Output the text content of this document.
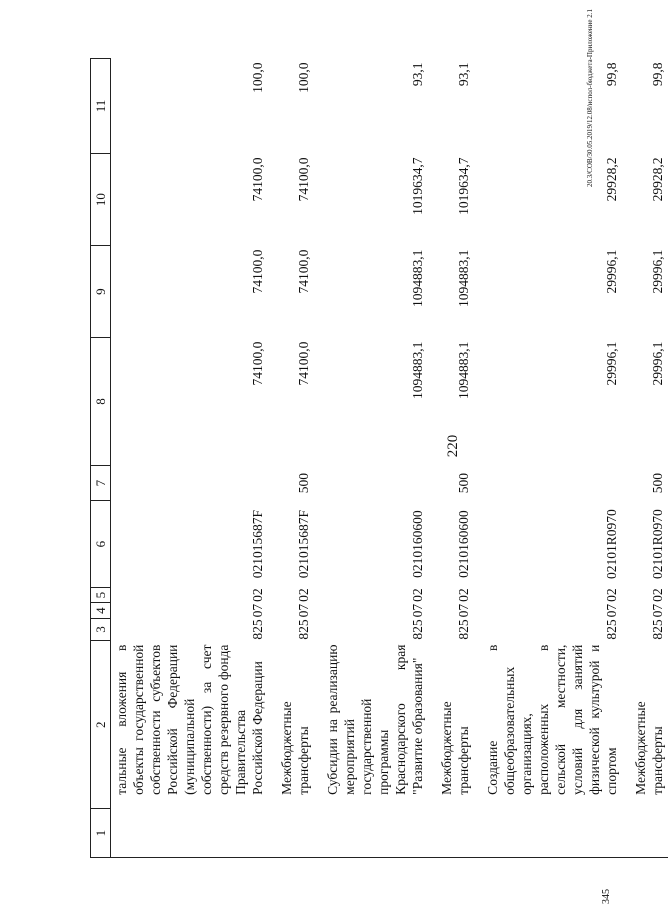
220
1	2	3	4	5	6	7	8	9	10	11
	тальные вложения в объекты государственной собственности субъектов Российской Федерации (муниципальной собственности) за счет средств резервного фонда Правительства Российской Федерации	825	07	02	021015687F		74100,0	74100,0	74100,0	100,0
	Межбюджетные трансферты	825	07	02	021015687F	500	74100,0	74100,0	74100,0	100,0
	Субсидии на реализацию мероприятий государственной программы Краснодарского края "Развитие образования"	825	07	02	0210160600		1094883,1	1094883,1	1019634,7	93,1
	Межбюджетные трансферты	825	07	02	0210160600	500	1094883,1	1094883,1	1019634,7	93,1
	Создание в общеобразовательных организациях, расположенных в сельской местности, условий для занятий физической культурой и спортом	825	07	02	02101R0970		29996,1	29996,1	29928,2	99,8
	Межбюджетные трансферты	825	07	02	02101R0970	500	29996,1	29996,1	29928,2	99,8
20.3/СОВ/30.05.2019/12.08/испол-бюджета-Приложение 2.1
345
